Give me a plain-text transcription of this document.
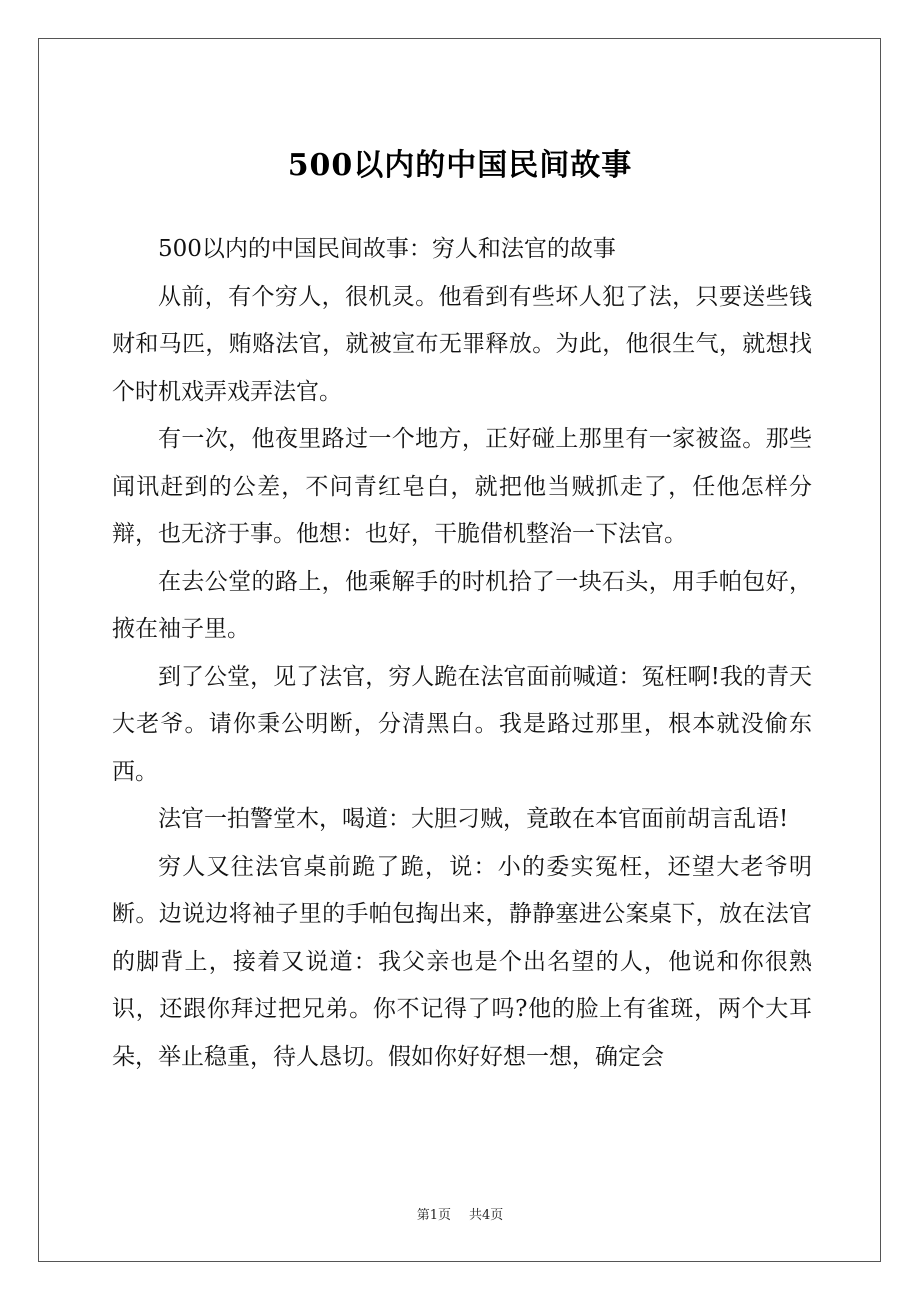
500以内的中国民间故事

500以内的中国民间故事：穷人和法官的故事

从前，有个穷人，很机灵。他看到有些坏人犯了法，只要送些钱财和马匹，贿赂法官，就被宣布无罪释放。为此，他很生气，就想找个时机戏弄戏弄法官。

有一次，他夜里路过一个地方，正好碰上那里有一家被盗。那些闻讯赶到的公差，不问青红皂白，就把他当贼抓走了，任他怎样分辩，也无济于事。他想：也好，干脆借机整治一下法官。

在去公堂的路上，他乘解手的时机拾了一块石头，用手帕包好，掖在袖子里。

到了公堂，见了法官，穷人跪在法官面前喊道：冤枉啊!我的青天大老爷。请你秉公明断，分清黑白。我是路过那里，根本就没偷东西。

法官一拍警堂木，喝道：大胆刁贼，竟敢在本官面前胡言乱语!

穷人又往法官桌前跪了跪，说：小的委实冤枉，还望大老爷明断。边说边将袖子里的手帕包掏出来，静静塞进公案桌下，放在法官的脚背上，接着又说道：我父亲也是个出名望的人，他说和你很熟识，还跟你拜过把兄弟。你不记得了吗?他的脸上有雀斑，两个大耳朵，举止稳重，待人恳切。假如你好好想一想，确定会

第1页 共4页
